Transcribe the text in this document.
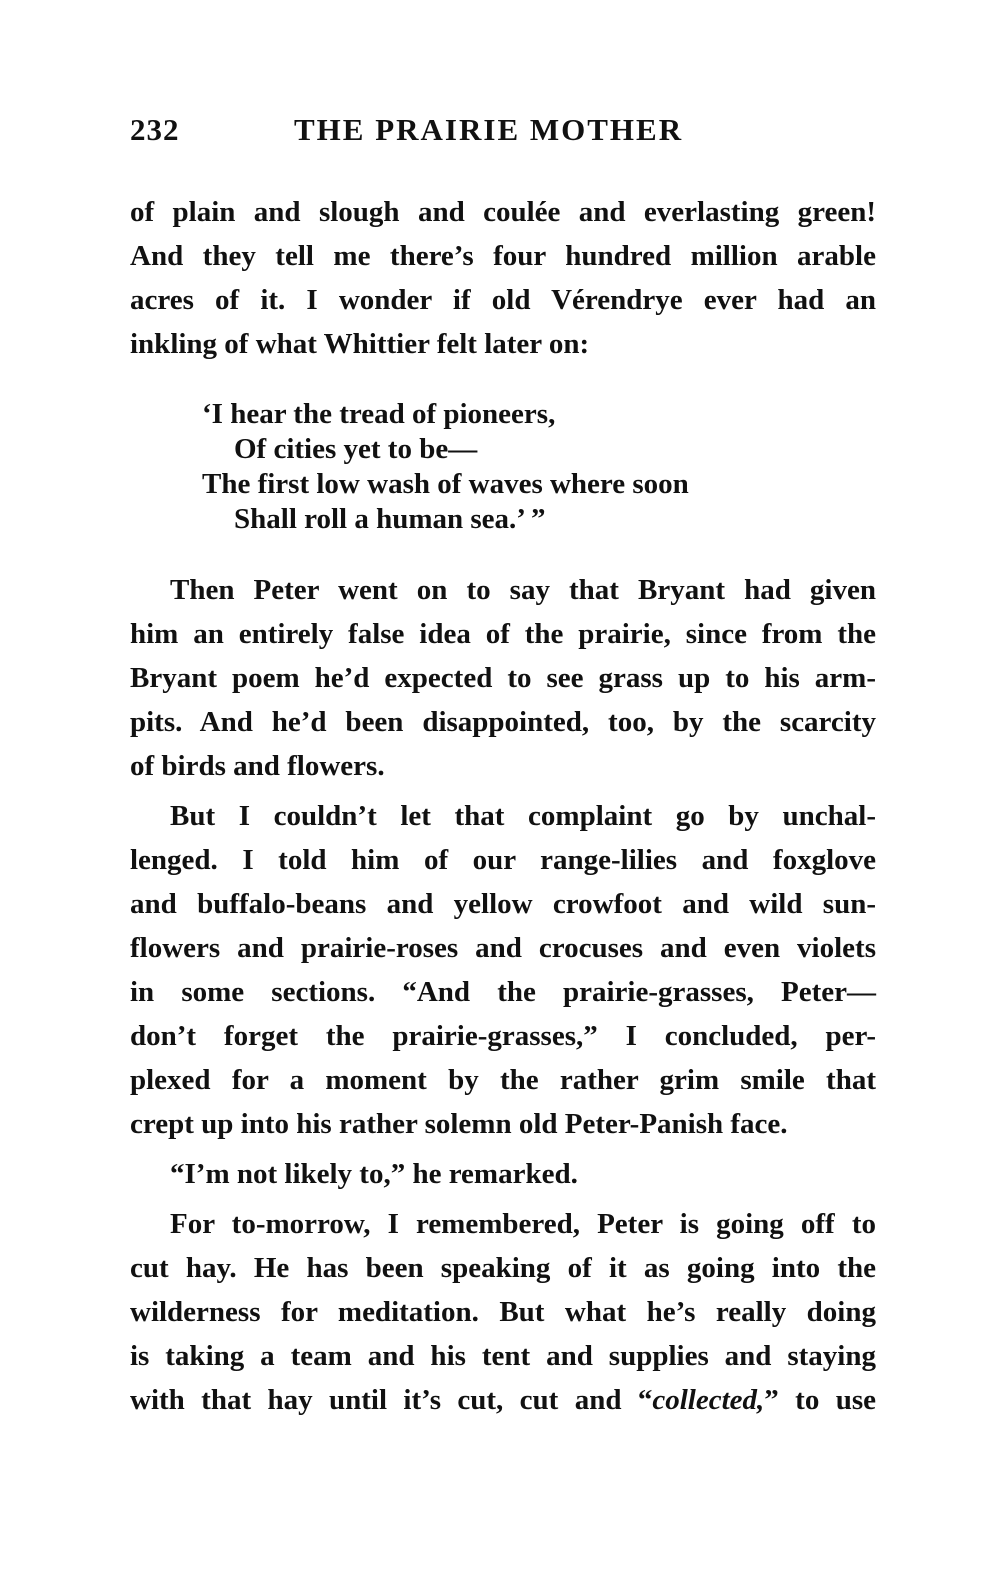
232	THE PRAIRIE MOTHER
of plain and slough and coulée and everlasting green!
And they tell me there’s four hundred million arable
acres of it. I wonder if old Vérendrye ever had an
inkling of what Whittier felt later on:
‘I hear the tread of pioneers,
Of cities yet to be—
The first low wash of waves where soon
Shall roll a human sea.’ ”
Then Peter went on to say that Bryant had given
him an entirely false idea of the prairie, since from the
Bryant poem he’d expected to see grass up to his arm-
pits. And he’d been disappointed, too, by the scarcity
of birds and flowers.
But I couldn’t let that complaint go by unchal-
lenged. I told him of our range-lilies and foxglove
and buffalo-beans and yellow crowfoot and wild sun-
flowers and prairie-roses and crocuses and even violets
in some sections. “And the prairie-grasses, Peter—
don’t forget the prairie-grasses,” I concluded, per-
plexed for a moment by the rather grim smile that
crept up into his rather solemn old Peter-Panish face.
“I’m not likely to,” he remarked.
For to-morrow, I remembered, Peter is going off to
cut hay. He has been speaking of it as going into the
wilderness for meditation. But what he’s really doing
is taking a team and his tent and supplies and staying
with that hay until it’s cut, cut and “collected,” to use
